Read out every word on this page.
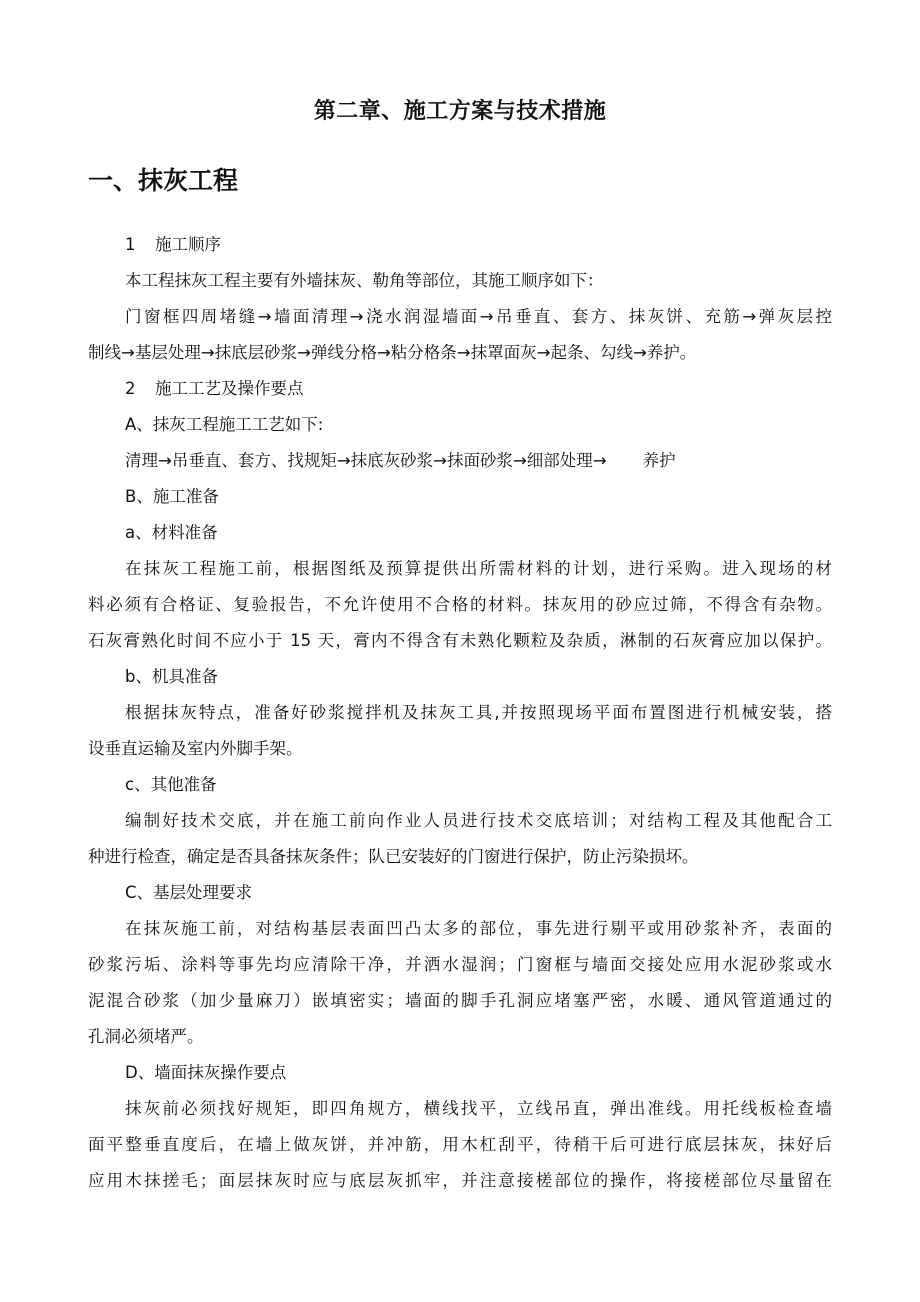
第二章、施工方案与技术措施
一、抹灰工程
1 施工顺序
本工程抹灰工程主要有外墙抹灰、勒角等部位，其施工顺序如下：
门窗框四周堵缝→墙面清理→浇水润湿墙面→吊垂直、套方、抹灰饼、充筋→弹灰层控
制线→基层处理→抹底层砂浆→弹线分格→粘分格条→抹罩面灰→起条、勾线→养护。
2 施工工艺及操作要点
A、抹灰工程施工工艺如下:
清理→吊垂直、套方、找规矩→抹底灰砂浆→抹面砂浆→细部处理→ 养护
B、施工准备
a、材料准备
在抹灰工程施工前，根据图纸及预算提供出所需材料的计划，进行采购。进入现场的材
料必须有合格证、复验报告，不允许使用不合格的材料。抹灰用的砂应过筛，不得含有杂物。
石灰膏熟化时间不应小于 15 天，膏内不得含有未熟化颗粒及杂质，淋制的石灰膏应加以保护。
b、机具准备
根据抹灰特点，准备好砂浆搅拌机及抹灰工具,并按照现场平面布置图进行机械安装，搭
设垂直运输及室内外脚手架。
c、其他准备
编制好技术交底，并在施工前向作业人员进行技术交底培训；对结构工程及其他配合工
种进行检查，确定是否具备抹灰条件；队已安装好的门窗进行保护，防止污染损坏。
C、基层处理要求
在抹灰施工前，对结构基层表面凹凸太多的部位，事先进行剔平或用砂浆补齐，表面的
砂浆污垢、涂料等事先均应清除干净，并洒水湿润；门窗框与墙面交接处应用水泥砂浆或水
泥混合砂浆（加少量麻刀）嵌填密实；墙面的脚手孔洞应堵塞严密，水暖、通风管道通过的
孔洞必须堵严。
D、墙面抹灰操作要点
抹灰前必须找好规矩，即四角规方，横线找平，立线吊直，弹出准线。用托线板检查墙
面平整垂直度后，在墙上做灰饼，并冲筋，用木杠刮平，待稍干后可进行底层抹灰，抹好后
应用木抹搓毛；面层抹灰时应与底层灰抓牢，并注意接槎部位的操作，将接槎部位尽量留在
